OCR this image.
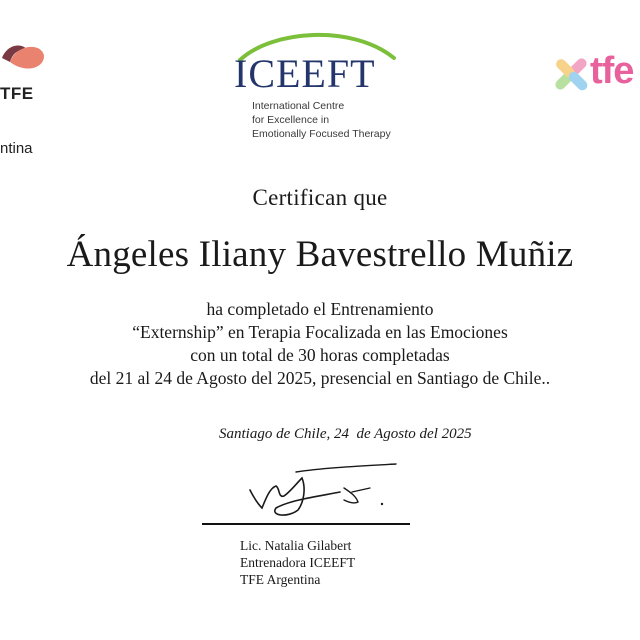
TFE
ntina
ICEEFT
International Centre
for Excellence in
Emotionally Focused Therapy
tfe
Certifican que
Ángeles Iliany Bavestrello Muñiz
ha completado el Entrenamiento
“Externship” en Terapia Focalizada en las Emociones
con un total de 30 horas completadas
del 21 al 24 de Agosto del 2025, presencial en Santiago de Chile..
Santiago de Chile, 24  de Agosto del 2025
Lic. Natalia Gilabert
Entrenadora ICEEFT
TFE Argentina
